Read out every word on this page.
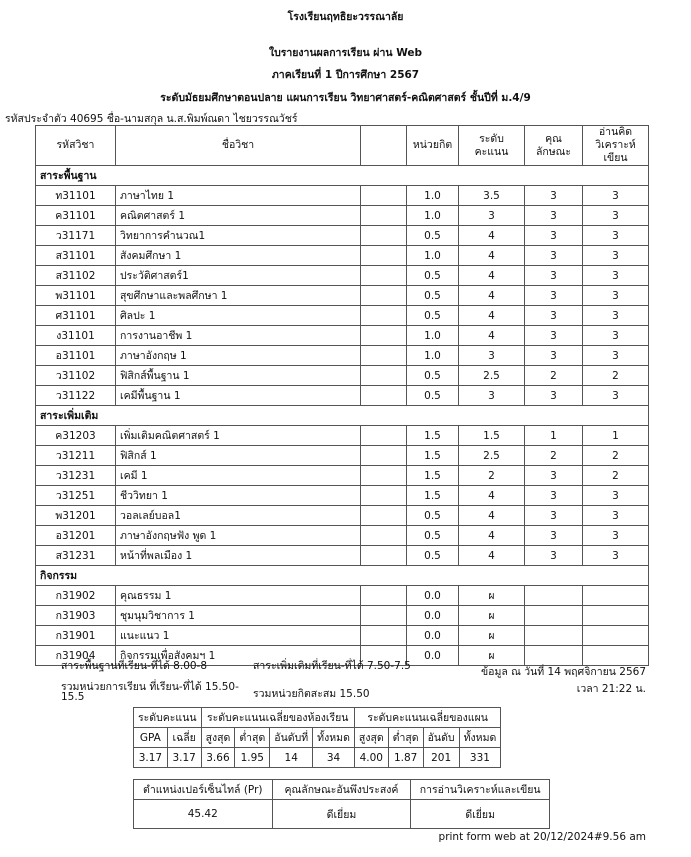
โรงเรียนฤทธิยะวรรณาลัย
ใบรายงานผลการเรียน ผ่าน Web
ภาคเรียนที่ 1 ปีการศึกษา 2567
ระดับมัธยมศึกษาตอนปลาย แผนการเรียน วิทยาศาสตร์-คณิตศาสตร์ ชั้นปีที่ ม.4/9
รหัสประจำตัว 40695 ชื่อ-นามสกุล น.ส.พิมพ์ณดา ไชยวรรณวัชร์
รหัสวิชา	ชื่อวิชา		หน่วยกิต	ระดับคะแนน	คุณ ลักษณะ	อ่านคิด วิเคราะห์เขียน
สาระพื้นฐาน						
ท31101	ภาษาไทย 1		1.0	3.5	3	3
ค31101	คณิตศาสตร์ 1		1.0	3	3	3
ว31171	วิทยาการคำนวณ1		0.5	4	3	3
ส31101	สังคมศึกษา 1		1.0	4	3	3
ส31102	ประวัติศาสตร์1		0.5	4	3	3
พ31101	สุขศึกษาและพลศึกษา 1		0.5	4	3	3
ศ31101	ศิลปะ 1		0.5	4	3	3
ง31101	การงานอาชีพ 1		1.0	4	3	3
อ31101	ภาษาอังกฤษ 1		1.0	3	3	3
ว31102	ฟิสิกส์พื้นฐาน 1		0.5	2.5	2	2
ว31122	เคมีพื้นฐาน 1		0.5	3	3	3
สาระเพิ่มเติม						
ค31203	เพิ่มเติมคณิตศาสตร์ 1		1.5	1.5	1	1
ว31211	ฟิสิกส์ 1		1.5	2.5	2	2
ว31231	เคมี 1		1.5	2	3	2
ว31251	ชีววิทยา 1		1.5	4	3	3
พ31201	วอลเลย์บอล1		0.5	4	3	3
อ31201	ภาษาอังกฤษฟัง พูด 1		0.5	4	3	3
ส31231	หน้าที่พลเมือง 1		0.5	4	3	3
กิจกรรม						
ก31902	คุณธรรม 1		0.0	ผ		
ก31903	ชุมนุมวิชาการ 1		0.0	ผ		
ก31901	แนะแนว 1		0.0	ผ		
ก31904	กิจกรรมเพื่อสังคมฯ 1		0.0	ผ		
สาระพื้นฐานที่เรียน-ที่ได้ 8.00-8	สาระเพิ่มเติมที่เรียน-ที่ได้ 7.50-7.5
รวมหน่วยการเรียน ที่เรียน-ที่ได้ 15.50-
15.5	รวมหน่วยกิตสะสม 15.50
ข้อมูล ณ วันที่ 14 พฤศจิกายน 2567
เวลา 21:22 น.
ระดับคะแนน		ระดับคะแนนเฉลี่ยของห้องเรียน				ระดับคะแนนเฉลี่ยของแผน			
GPA	เฉลี่ย	สูงสุด	ต่ำสุด	อันดับที่	ทั้งหมด	สูงสุด	ต่ำสุด	อันดับ	ทั้งหมด
3.17	3.17	3.66	1.95	14	34	4.00	1.87	201	331
ตำแหน่งเปอร์เซ็นไทล์ (Pr)	คุณลักษณะอันพึงประสงค์	การอ่านวิเคราะห์และเขียน
45.42	ดีเยี่ยม	ดีเยี่ยม
print form web at 20/12/2024#9.56 am
